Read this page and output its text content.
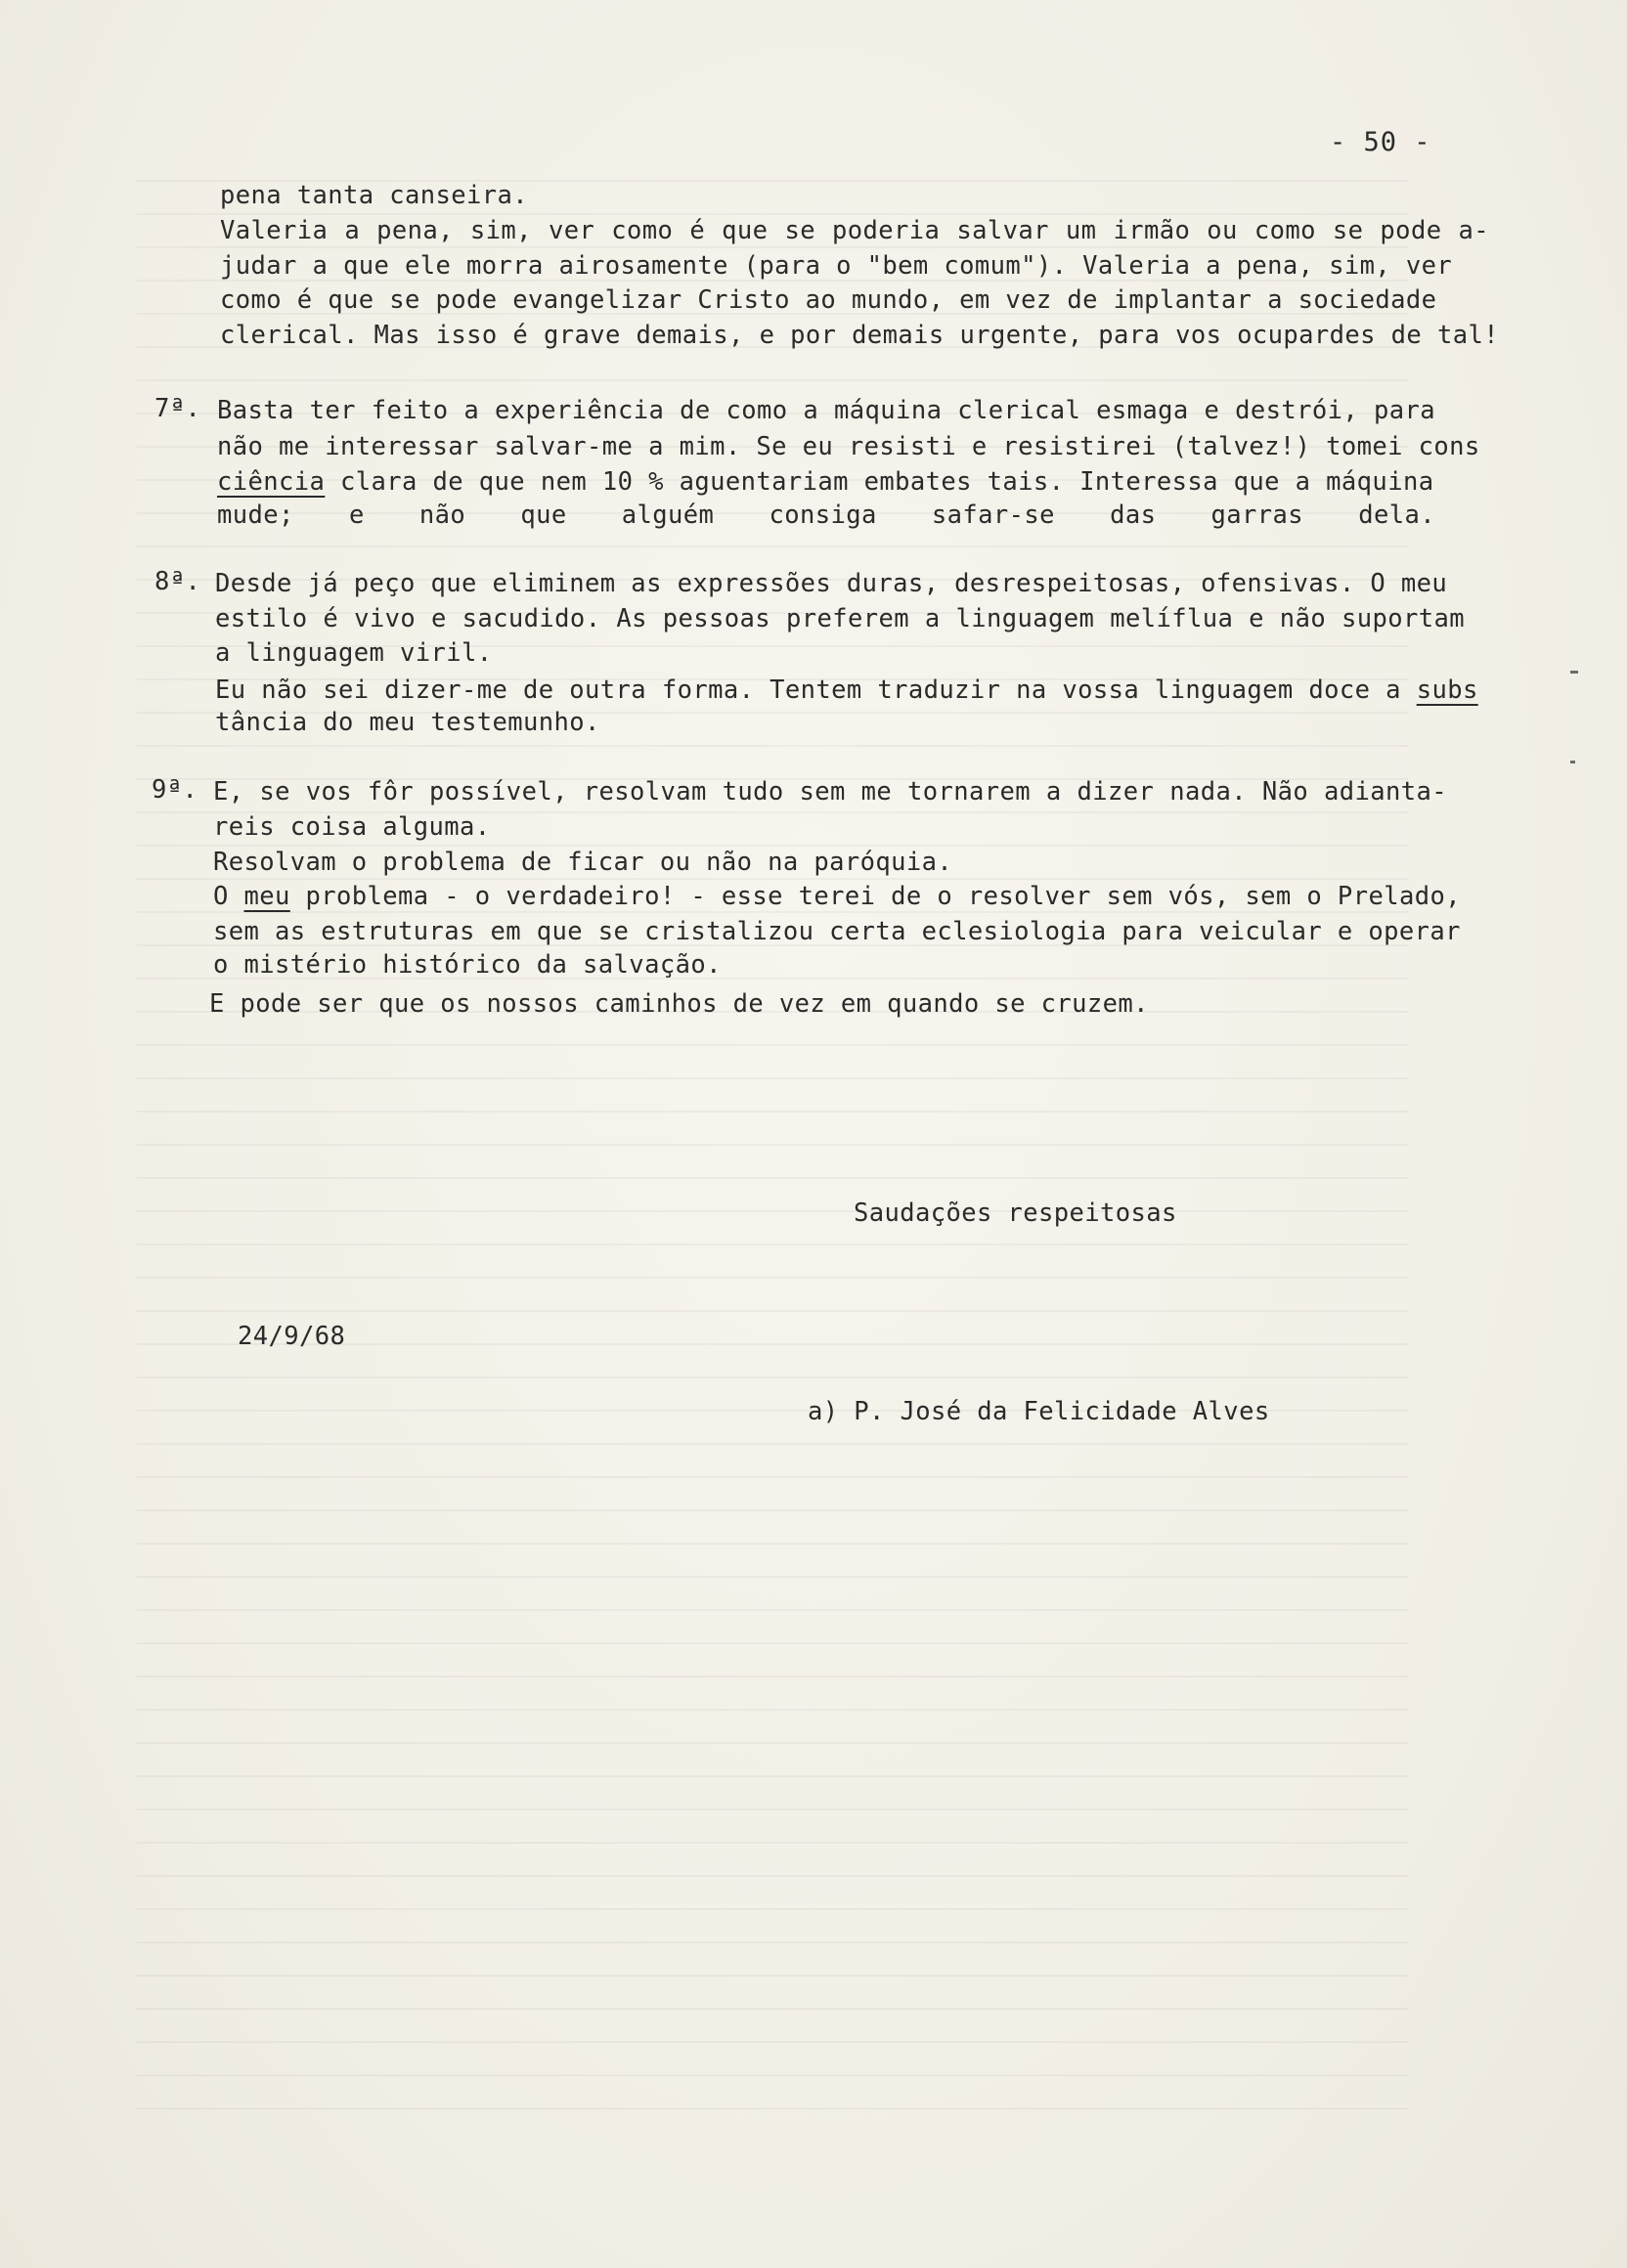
- 50 -
pena tanta canseira.
Valeria a pena, sim, ver como é que se poderia salvar um irmão ou como se pode a-
judar a que ele morra airosamente (para o "bem comum"). Valeria a pena, sim, ver
como é que se pode evangelizar Cristo ao mundo, em vez de implantar a sociedade
clerical. Mas isso é grave demais, e por demais urgente, para vos ocupardes de tal!
7ª. Basta ter feito a experiência de como a máquina clerical esmaga e destrói, para
não me interessar salvar-me a mim. Se eu resisti e resistirei (talvez!) tomei cons
ciência clara de que nem 10 % aguentariam embates tais. Interessa que a máquina
mude; e não que alguém consiga safar-se das garras dela.
8ª. Desde já peço que eliminem as expressões duras, desrespeitosas, ofensivas. O meu
estilo é vivo e sacudido. As pessoas preferem a linguagem melíflua e não suportam
a linguagem viril.
Eu não sei dizer-me de outra forma. Tentem traduzir na vossa linguagem doce a subs
tância do meu testemunho.
9ª. E, se vos fôr possível, resolvam tudo sem me tornarem a dizer nada. Não adianta-
reis coisa alguma.
Resolvam o problema de ficar ou não na paróquia.
O meu problema - o verdadeiro! - esse terei de o resolver sem vós, sem o Prelado,
sem as estruturas em que se cristalizou certa eclesiologia para veicular e operar
o mistério histórico da salvação.
E pode ser que os nossos caminhos de vez em quando se cruzem.
Saudações respeitosas
24/9/68
a) P. José da Felicidade Alves
